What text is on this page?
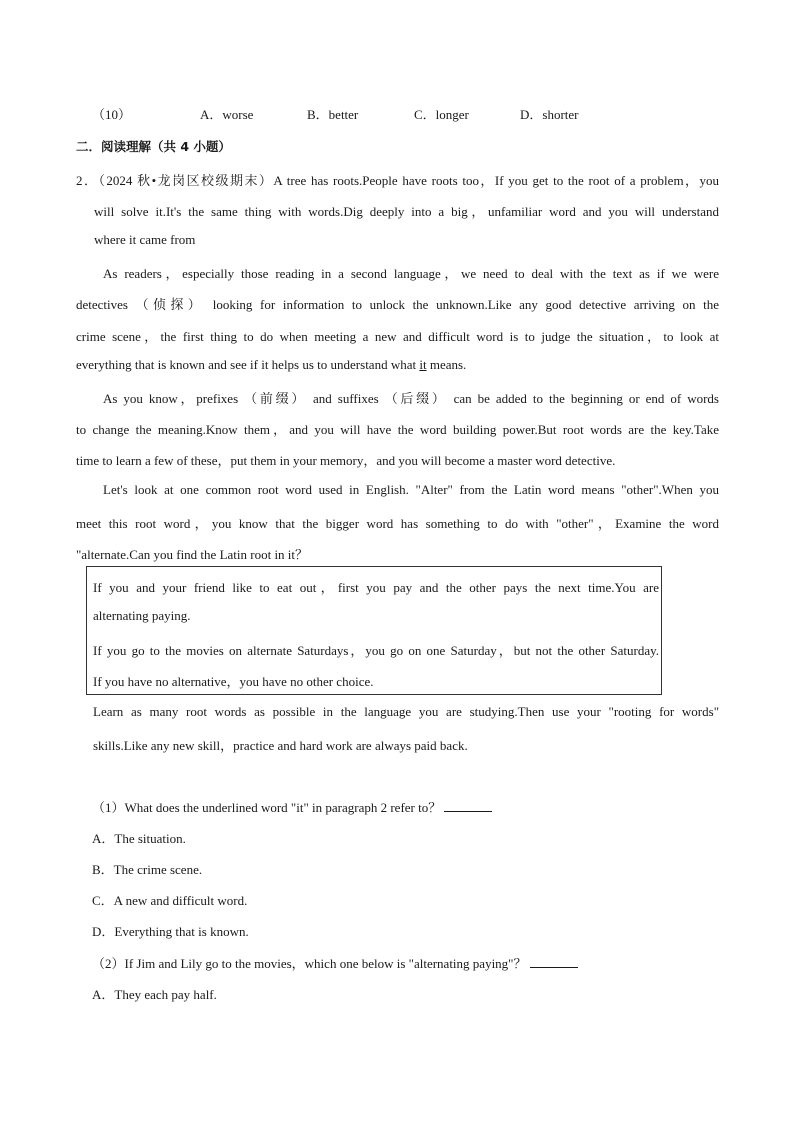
（10）	A．worse	B．better	C．longer	D．shorter
二．阅读理解（共 4 小题）
2．（2024 秋•龙岗区校级期末）A tree has roots.People have roots too，If you get to the root of a problem，you
will solve it.It's the same thing with words.Dig deeply into a big，unfamiliar word and you will understand
where it came from
As readers，especially those reading in a second language，we need to deal with the text as if we were
detectives （侦探） looking for information to unlock the unknown.Like any good detective arriving on the
crime scene，the first thing to do when meeting a new and difficult word is to judge the situation，to look at
everything that is known and see if it helps us to understand what it means.
As you know，prefixes （前缀） and suffixes （后缀） can be added to the beginning or end of words
to change the meaning.Know them，and you will have the word building power.But root words are the key.Take
time to learn a few of these，put them in your memory，and you will become a master word detective.
Let's look at one common root word used in English. "Alter" from the Latin word means "other".When you
meet this root word，you know that the bigger word has something to do with "other"，Examine the word
"alternate.Can you find the Latin root in it？
If you and your friend like to eat out，first you pay and the other pays the next time.You are
alternating paying.
If you go to the movies on alternate Saturdays，you go on one Saturday，but not the other Saturday.
If you have no alternative，you have no other choice.
Learn as many root words as possible in the language you are studying.Then use your "rooting for words"
skills.Like any new skill，practice and hard work are always paid back.
（1）What does the underlined word "it" in paragraph 2 refer to？
A．The situation.
B．The crime scene.
C．A new and difficult word.
D．Everything that is known.
（2）If Jim and Lily go to the movies，which one below is "alternating paying"？
A．They each pay half.
